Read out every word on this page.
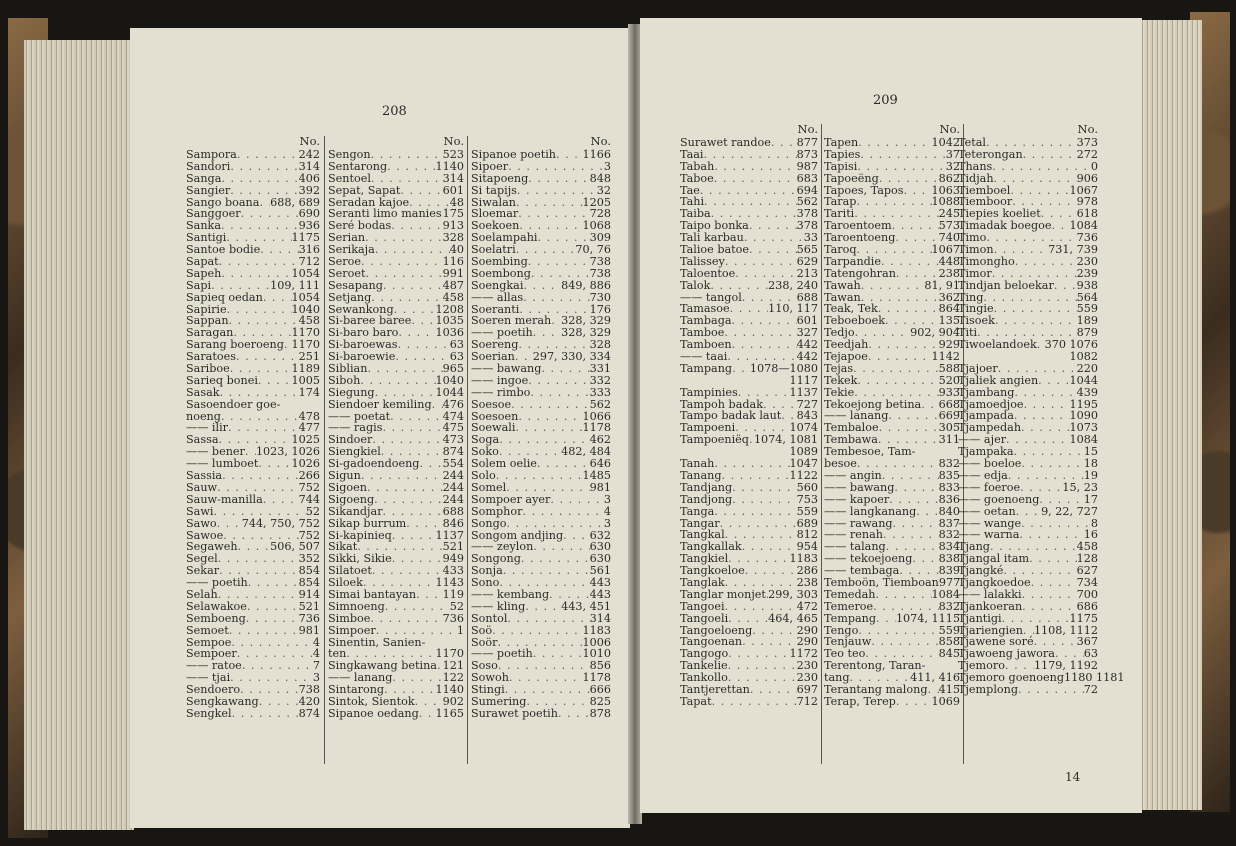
208
No.
Sampora . . .	242
Sandori . . .	314
Sanga . . .	406
Sangier . . .	392
Sango boana . . . 688, 689
Sanggoer . . .	690
Sanka . . .	936
Santigi . . .	1175
Santoe bodie . . .	316
Sapat . . .	712
Sapeh . . .	1054
Sapi . . .	109, 111
Sapieq oedan . . .	1054
Sapirie . . .	1040
Sappan . . .	458
Saragan . . .	1170
Sarang boeroeng . . . 1170
Saratoes . . .	251
Sariboe . . .	1189
Sarieq bonei . . .	1005
Sasak . . .	174
Sasoendoer goe-
noeng . . .	478
—— ilir . . .	477
Sassa . . .	1025
—— bener . . . 1023, 1026
—— lumboet . . .	1026
Sassia . . .	266
Sauw . . .	752
Sauw-manilla . . .	744
Sawi . . .	52
Sawo . . . 744, 750, 752
Sawoe . . .	752
Segaweh . . .	506, 507
Segel . . .	352
Sekar . . .	854
—— poetih . . .	854
Selah . . .	914
Selawakoe . . .	521
Semboeng . . .	736
Semoet . . .	981
Sempoe . . .	4
Sempoer . . .	4
—— ratoe . . .	7
—— tjai . . .	3
Sendoero . . .	738
Sengkawang . . .	420
Sengkel . . .	874
No.
Sengon . . .	523
Sentarong . . .	1140
Sentoel . . .	314
Sepat, Sapat . . .	601
Seradan kajoe . . .	48
Seranti limo manies . . . 175
Seré bodas . . .	913
Serian . . .	328
Serikaja . . .	40
Seroe . . .	116
Seroet . . .	991
Sesapang . . .	487
Setjang . . .	458
Sewankong . . .	1208
Si-baree baree . . . 1035
Si-baro baro . . .	1036
Si-baroewas . . .	63
Si-baroewie . . .	63
Siblian . . .	965
Siboh . . .	1040
Siegung . . .	1044
Siendoer kemiling . . . 476
—— poetat . . .	474
—— ragis . . .	475
Sindoer . . .	473
Siengkiel . . .	874
Si-gadoendoeng . . . 554
Sigun . . .	244
Sigoen . . .	244
Sigoeng . . .	244
Sikandjar . . .	688
Sikap burrum . . .	846
Si-kapinieq . . .	1137
Sikat . . .	521
Sikki, Sikie . . .	949
Silatoet . . .	433
Siloek . . .	1143
Simai bantayan . . . 119
Simnoeng . . .	52
Simboe . . .	736
Simpoer . . .	1
Sinentin, Sanien-
ten . . .	1170
Singkawang betina . . . 121
—— lanang . . .	122
Sintarong . . .	1140
Sintok, Sientok . . . 902
Sipanoe oedang . . . 1165
No.
Sipanoe poetih . . . 1166
Sipoer . . .	3
Sitapoeng . . .	848
Si tapijs . . .	32
Siwalan . . .	1205
Sloemar . . .	728
Soekoen . . .	1068
Soelampahi . . .	309
Soelatri . . .	70, 76
Soembing . . .	738
Soembong . . .	738
Soengkai . . .	849, 886
—— allas . . .	730
Soeranti . . .	176
Soeren merah . . . 328, 329
—— poetih . . .	328, 329
Soereng . . .	328
Soerian . . . 297, 330, 334
—— bawang . . .	331
—— ingoe . . .	332
—— rimbo . . .	333
Soesoe . . .	562
Soesoen . . .	1066
Soewali . . .	1178
Soga . . .	462
Soko . . .	482, 484
Solem oelie . . .	646
Solo . . .	1485
Somel . . .	981
Sompoer ayer . . .	3
Somphor . . .	4
Songo . . .	3
Songom andjing . . . 632
—— zeylon . . .	630
Songong . . .	630
Sonja . . .	561
Sono . . .	443
—— kembang . . .	443
—— kling . . .	443, 451
Sontol . . .	314
Soö . . .	1183
Soör . . .	1006
—— poetih . . .	1010
Soso . . .	856
Sowoh . . .	1178
Stingi . . .	666
Sumering . . .	825
Surawet poetih . . .	878
209
No.
Surawet randoe . . . 877
Taai . . .	873
Tabah . . .	987
Taboe . . .	683
Tae . . .	694
Tahi . . .	562
Taiba . . .	378
Taipo bonka . . .	378
Tali karbau . . .	33
Talioe batoe . . .	565
Talissey . . .	629
Taloentoe . . .	213
Talok . . .	238, 240
—— tangol . . .	688
Tamasoe . . .	110, 117
Tambaga . . .	601
Tamboe . . .	327
Tamboen . . .	442
—— taai . . .	442
Tampang . . . 1078—1080
1117
Tampinies . . .	1137
Tampoh badak . . .	727
Tampo badak laut . . . 843
Tampoeni . . .	1074
Tampoeniëq . . . 1074, 1081
1089
Tanah . . .	1047
Tanang . . .	1122
Tandjang . . .	560
Tandjong . . .	753
Tanga . . .	559
Tangar . . .	689
Tangkal . . .	812
Tangkallak . . .	954
Tangkiel . . .	1183
Tangkoeloe . . .	286
Tanglak . . .	238
Tanglar monjet . . . 299, 303
Tangoei . . .	472
Tangoeli . . .	464, 465
Tangoeloeng . . .	290
Tangoenan . . .	290
Tangogo . . .	1172
Tankelie . . .	230
Tankollo . . .	230
Tantjerettan . . .	697
Tapat . . .	712
No.
Tapen . . .	1042
Tapies . . .	37
Tapisi . . .	32
Tapoeëng . . .	862
Tapoes, Tapos . . . 1063
Tarap . . .	1088
Tariti . . .	245
Taroentoem . . .	573
Taroentoeng . . .	740
Taroq . . .	1067
Tarpandie . . .	448
Tatengohran . . .	238
Tawah . . .	81, 91
Tawan . . .	362
Teak, Tek . . .	864
Teboeboek . . .	135
Tedjo . . .	902, 904
Teedjah . . .	929
Tejapoe . . .	1142
Tejas . . .	588
Tekek . . .	520
Tekie . . .	933
Tekoejong betina . . . 668
—— lanang . . .	669
Tembaloe . . .	305
Tembawa . . .	311
Tembesoe, Tam-
besoe . . .	832
—— angin . . .	835
—— bawang . . .	833
—— kapoer . . .	836
—— langkanang . . . 840
—— rawang . . .	837
—— renah . . .	832
—— talang . . .	834
—— tekoejoeng . . . 838
—— tembaga . . .	839
Temboön, Tiemboan 977
Temedah . . .	1084
Temeroe . . .	832
Tempang . . . 1074, 1115
Tengo . . .	559
Tenjauw . . .	858
Teo teo . . .	845
Terentong, Taran-
tang . . .	411, 416
Terantang malong . . . 415
Terap, Terep . . .	1069
No.
Tetal . . .	373
Teterongan . . .	272
Thans . . .	0
Tidjah . . .	906
Tiemboel . . .	1067
Tiemboor . . .	978
Tiepies koeliet . . .	618
Timadak boegoe . . . 1084
Timo . . .	736
Timon . . .	731, 739
Timongho . . .	230
Timor . . .	239
Tindjan beloekar . . . 938
Ting . . .	564
Tingie . . .	559
Tisoek . . .	189
Titi . . .	879
Tiwoelandoek . . . 370 1076
1082
Tjajoer . . .	220
Tjaliek angien . . .	1044
Tjambang . . .	439
Tjamoedjoe . . .	1195
Tjampada . . .	1090
Tjampedah . . .	1073
—— ajer . . .	1084
Tjampaka . . .	15
—— boeloe . . .	18
—— edja . . .	19
—— foeroe . . .	15, 23
—— goenoeng . . .	17
—— oetan . . . 9, 22, 727
—— wange . . .	8
—— warna . . .	16
Tjang . . .	458
Tjangal itam . . .	128
Tjangké . . .	627
Tjangkoedoe . . .	734
—— lalakki . . .	700
Tjankoeran . . .	686
Tjantigi . . .	1175
Tjariengien . . . 1108, 1112
Tjawene soré . . .	367
Tjawoeng jawora . . .	63
Tjemoro . . .	1179, 1192
Tjemoro goenoeng 1180 1181
Tjemplong . . .	72
14
